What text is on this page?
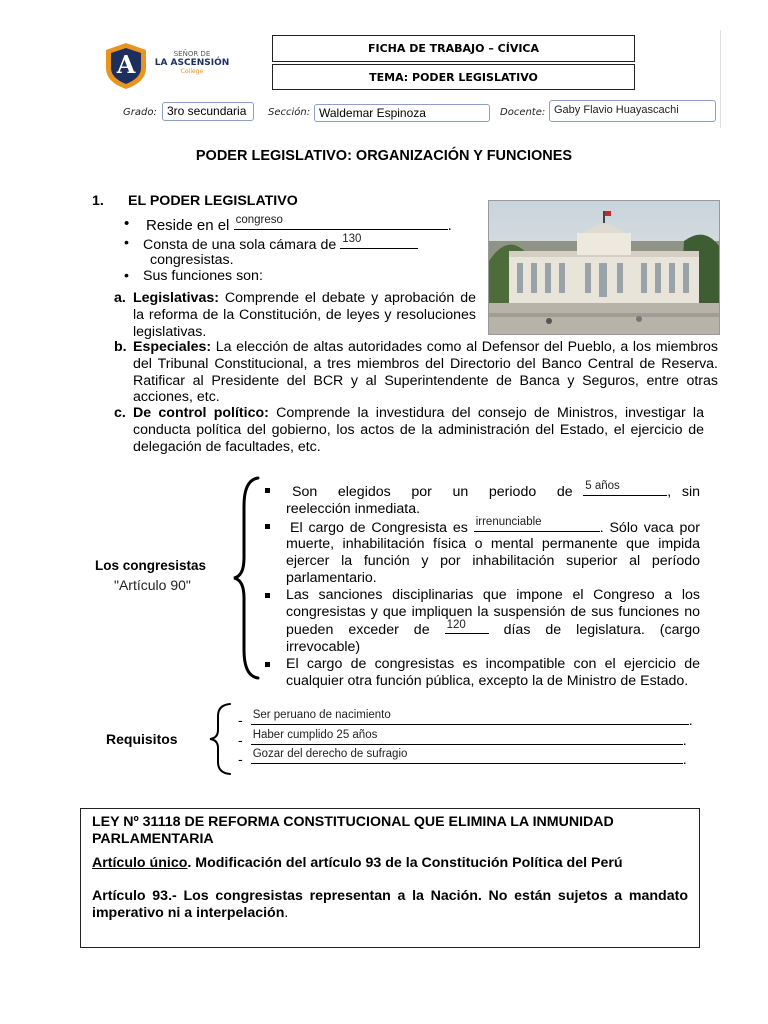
A	SEÑOR DE
LA ASCENSIÓN
College
FICHA DE TRABAJO – CÍVICA
TEMA: PODER LEGISLATIVO
Grado: 3ro secundaria	Sección: Waldemar Espinoza	Docente: Gaby Flavio Huayascachi
PODER LEGISLATIVO: ORGANIZACIÓN Y FUNCIONES
1. EL PODER LEGISLATIVO
• Reside en el congreso	.
• Consta de una sola cámara de 130
congresistas.
• Sus funciones son:
a. Legislativas: Comprende el debate y aprobación de la reforma de la Constitución, de leyes y resoluciones legislativas.
b. Especiales: La elección de altas autoridades como al Defensor del Pueblo, a los miembros del Tribunal Constitucional, a tres miembros del Directorio del Banco Central de Reserva. Ratificar al Presidente del BCR y al Superintendente de Banca y Seguros, entre otras acciones, etc.
c. De control político: Comprende la investidura del consejo de Ministros, investigar la conducta política del gobierno, los actos de la administración del Estado, el ejercicio de delegación de facultades, etc.
Los congresistas
"Artículo 90"
Son elegidos por un periodo de 5 años	, sin reelección inmediata.
El cargo de Congresista es irrenunciable	. Sólo vaca por muerte, inhabilitación física o mental permanente que impida ejercer la función y por inhabilitación superior al período parlamentario.
Las sanciones disciplinarias que impone el Congreso a los congresistas y que impliquen la suspensión de sus funciones no pueden exceder de 120	días de legislatura. (cargo irrevocable)
El cargo de congresistas es incompatible con el ejercicio de cualquier otra función pública, excepto la de Ministro de Estado.
Requisitos
- Ser peruano de nacimiento	.
- Haber cumplido 25 años	.
- Gozar del derecho de sufragio	.
LEY Nº 31118 DE REFORMA CONSTITUCIONAL QUE ELIMINA LA INMUNIDAD PARLAMENTARIA
Artículo único. Modificación del artículo 93 de la Constitución Política del Perú
Artículo 93.- Los congresistas representan a la Nación. No están sujetos a mandato imperativo ni a interpelación.
